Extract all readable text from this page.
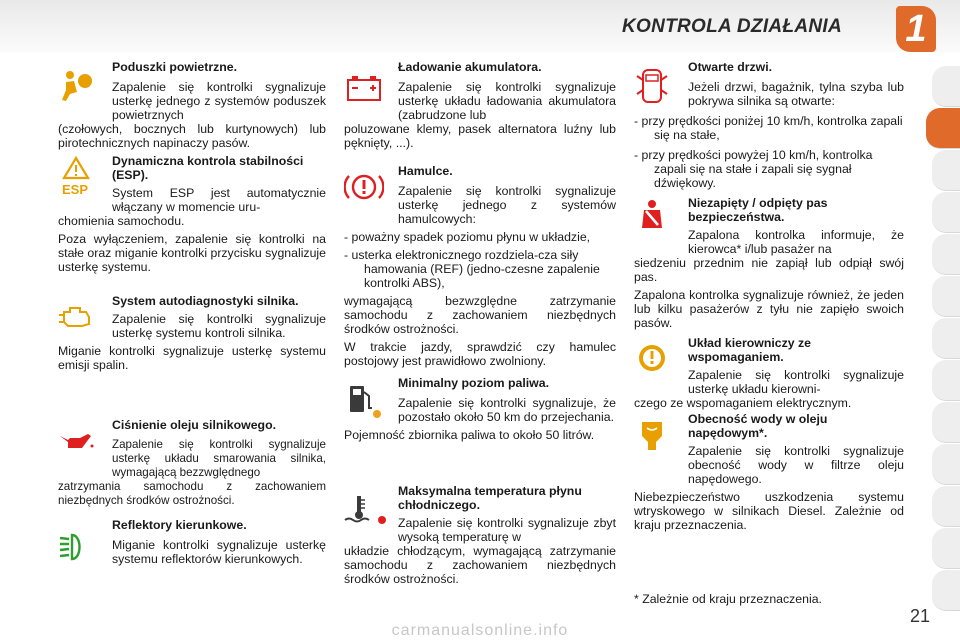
KONTROLA DZIAŁANIA 1

Poduszki powietrzne.

Zapalenie się kontrolki sygnalizuje usterkę jednego z systemów poduszek powietrznych

(czołowych, bocznych lub kurtynowych) lub pirotechnicznych napinaczy pasów.

ESP

Dynamiczna kontrola stabilności (ESP).

System ESP jest automatycznie włączany w momencie uru-

chomienia samochodu.

Poza wyłączeniem, zapalenie się kontrolki na stałe oraz miganie kontrolki przycisku sygnalizuje usterkę systemu.

System autodiagnostyki silnika.

Zapalenie się kontrolki sygnalizuje usterkę systemu kontroli silnika.

Miganie kontrolki sygnalizuje usterkę systemu emisji spalin.

Ciśnienie oleju silnikowego.

Zapalenie się kontrolki sygnalizuje usterkę układu smarowania silnika, wymagającą bezzwględnego

zatrzymania samochodu z zachowaniem niezbędnych środków ostrożności.

Reflektory kierunkowe.

Miganie kontrolki sygnalizuje usterkę systemu reflektorów kierunkowych.

Ładowanie akumulatora.

Zapalenie się kontrolki sygnalizuje usterkę układu ładowania akumulatora (zabrudzone lub

poluzowane klemy, pasek alternatora luźny lub pęknięty, ...).

Hamulce.

Zapalenie się kontrolki sygnalizuje usterkę jednego z systemów hamulcowych:

- poważny spadek poziomu płynu w układzie,

- usterka elektronicznego rozdziela-cza siły hamowania (REF) (jedno-czesne zapalenie kontrolki ABS),

wymagającą bezwzględne zatrzymanie samochodu z zachowaniem niezbędnych środków ostrożności.

W trakcie jazdy, sprawdzić czy hamulec postojowy jest prawidłowo zwolniony.

Minimalny poziom paliwa.

Zapalenie się kontrolki sygnalizuje, że pozostało około 50 km do przejechania.

Pojemność zbiornika paliwa to około 50 litrów.

Maksymalna temperatura płynu chłodniczego.

Zapalenie się kontrolki sygnalizuje zbyt wysoką temperaturę w

układzie chłodzącym, wymagającą zatrzymanie samochodu z zachowaniem niezbędnych środków ostrożności.

Otwarte drzwi.

Jeżeli drzwi, bagażnik, tylna szyba lub pokrywa silnika są otwarte:

- przy prędkości poniżej 10 km/h, kontrolka zapali się na stałe,

- przy prędkości powyżej 10 km/h, kontrolka zapali się na stałe i zapali się sygnał dźwiękowy.

Niezapięty / odpięty pas bezpieczeństwa.

Zapalona kontrolka informuje, że kierowca* i/lub pasażer na

siedzeniu przednim nie zapiął lub odpiął swój pas.

Zapalona kontrolka sygnalizuje również, że jeden lub kilku pasażerów z tyłu nie zapięło swoich pasów.

Układ kierowniczy ze wspomaganiem.

Zapalenie się kontrolki sygnalizuje usterkę układu kierowni-

czego ze wspomaganiem elektrycznym.

Obecność wody w oleju napędowym*.

Zapalenie się kontrolki sygnalizuje obecność wody w filtrze oleju napędowego.

Niebezpieczeństwo uszkodzenia systemu wtryskowego w silnikach Diesel. Zależnie od kraju przeznaczenia.

* Zależnie od kraju przeznaczenia.
21
carmanualsonline.info
